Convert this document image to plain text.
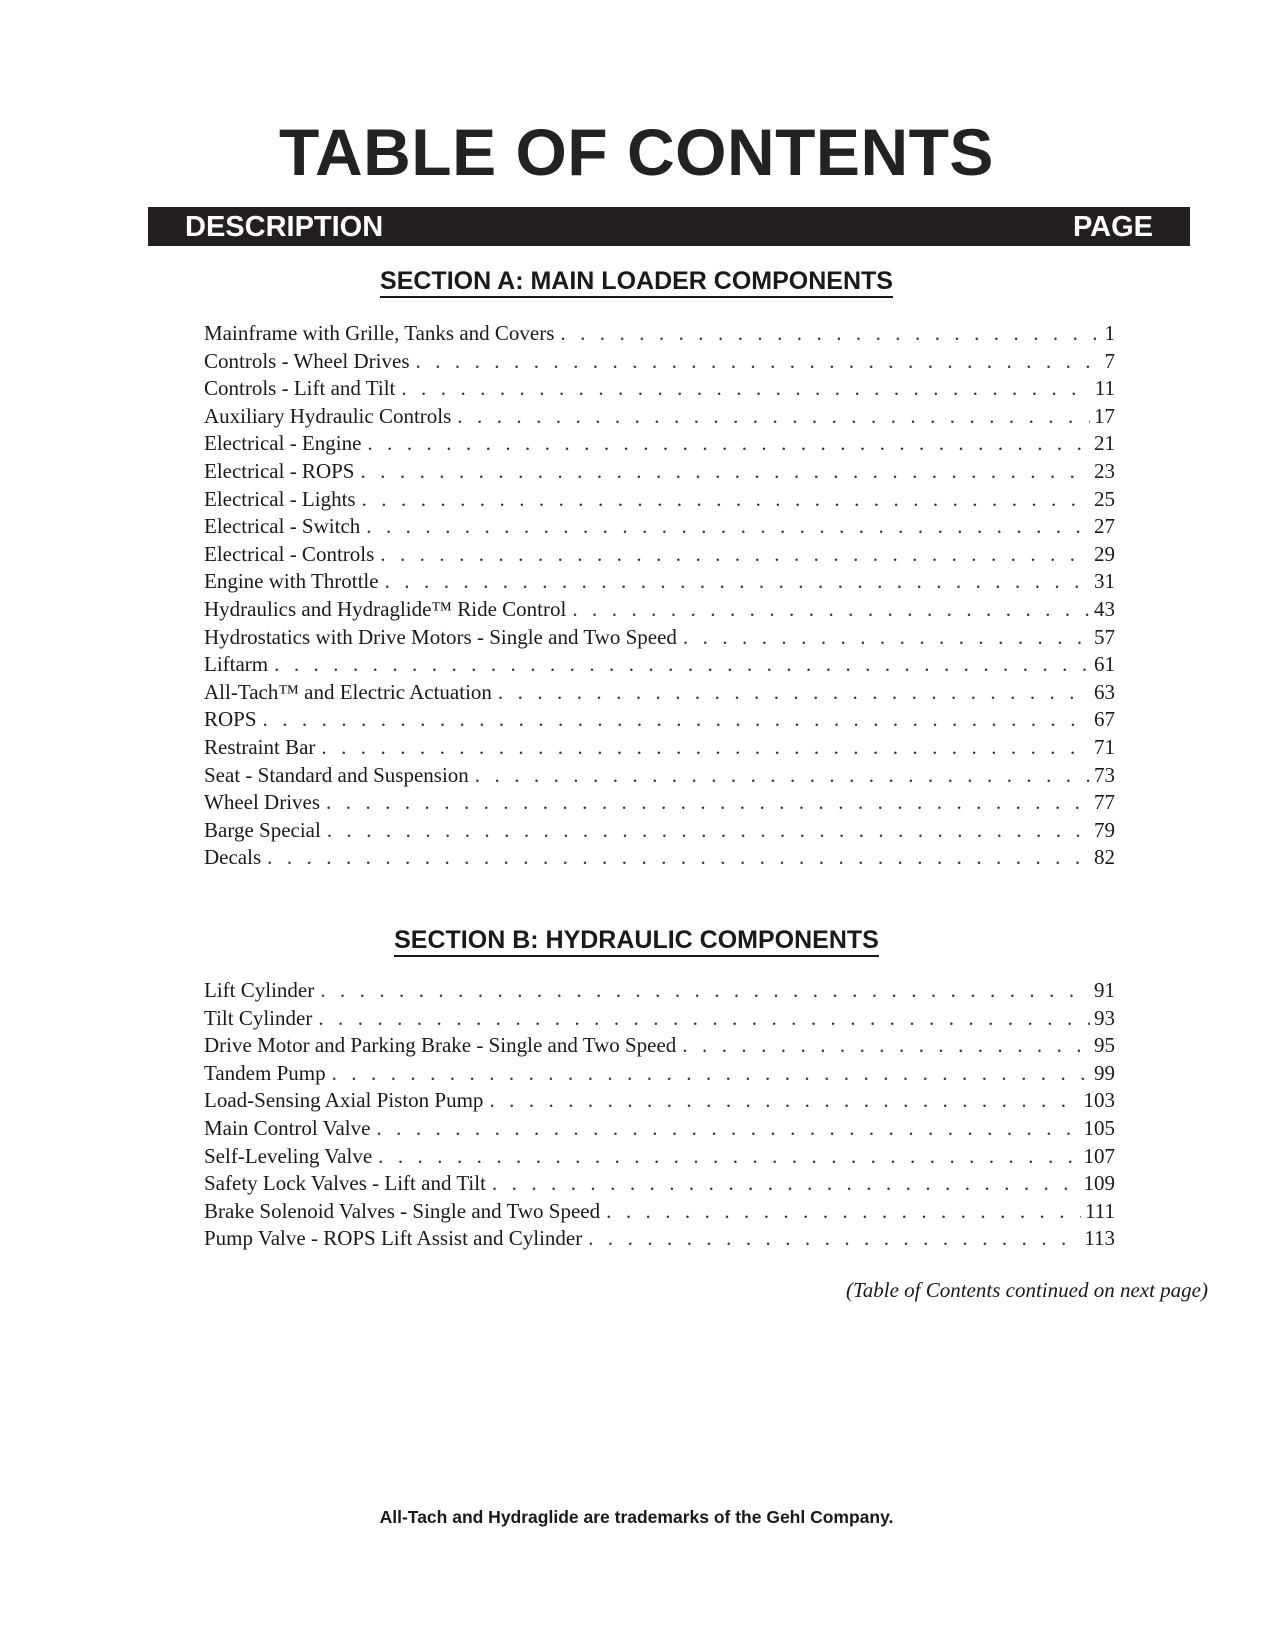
TABLE OF CONTENTS
DESCRIPTION	PAGE
SECTION A: MAIN LOADER COMPONENTS
Mainframe with Grille, Tanks and Covers . . .	1
Controls - Wheel Drives . . .	7
Controls - Lift and Tilt . . .	11
Auxiliary Hydraulic Controls . . .	17
Electrical - Engine . . .	21
Electrical - ROPS . . .	23
Electrical - Lights . . .	25
Electrical - Switch . . .	27
Electrical - Controls . . .	29
Engine with Throttle . . .	31
Hydraulics and Hydraglide™ Ride Control . . .	43
Hydrostatics with Drive Motors - Single and Two Speed . . .	57
Liftarm . . .	61
All-Tach™ and Electric Actuation . . .	63
ROPS . . .	67
Restraint Bar . . .	71
Seat - Standard and Suspension . . .	73
Wheel Drives . . .	77
Barge Special . . .	79
Decals . . .	82
SECTION B: HYDRAULIC COMPONENTS
Lift Cylinder . . .	91
Tilt Cylinder . . .	93
Drive Motor and Parking Brake - Single and Two Speed . . .	95
Tandem Pump . . .	99
Load-Sensing Axial Piston Pump . . .	103
Main Control Valve . . .	105
Self-Leveling Valve . . .	107
Safety Lock Valves - Lift and Tilt . . .	109
Brake Solenoid Valves - Single and Two Speed . . .	111
Pump Valve - ROPS Lift Assist and Cylinder . . .	113
(Table of Contents continued on next page)
All-Tach and Hydraglide are trademarks of the Gehl Company.
